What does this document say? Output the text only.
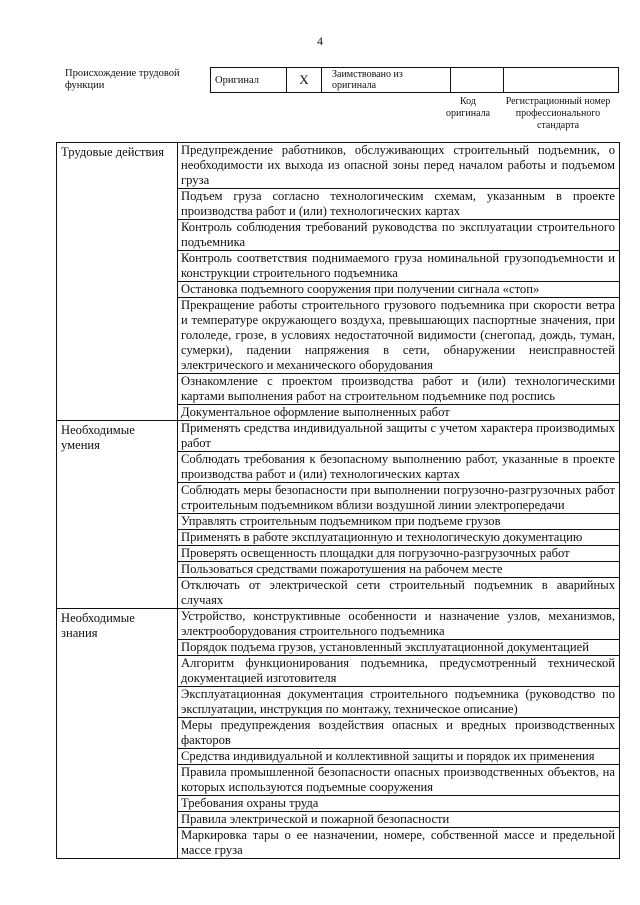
4
Происхождение трудовой функции	Оригинал	X	Заимствовано из оригинала		
Код оригинала
Регистрационный номер профессионального стандарта
Трудовые действия	Предупреждение работников, обслуживающих строительный подъемник, о необходимости их выхода из опасной зоны перед началом работы и подъемом груза
	Подъем груза согласно технологическим схемам, указанным в проекте производства работ и (или) технологических картах
	Контроль соблюдения требований руководства по эксплуатации строительного подъемника
	Контроль соответствия поднимаемого груза номинальной грузоподъемности и конструкции строительного подъемника
	Остановка подъемного сооружения при получении сигнала «стоп»
	Прекращение работы строительного грузового подъемника при скорости ветра и температуре окружающего воздуха, превышающих паспортные значения, при гололеде, грозе, в условиях недостаточной видимости (снегопад, дождь, туман, сумерки), падении напряжения в сети, обнаружении неисправностей электрического и механического оборудования
	Ознакомление с проектом производства работ и (или) технологическими картами выполнения работ на строительном подъемнике под роспись
	Документальное оформление выполненных работ
Необходимые умения	Применять средства индивидуальной защиты с учетом характера производимых работ
	Соблюдать требования к безопасному выполнению работ, указанные в проекте производства работ и (или) технологических картах
	Соблюдать меры безопасности при выполнении погрузочно-разгрузочных работ строительным подъемником вблизи воздушной линии электропередачи
	Управлять строительным подъемником при подъеме грузов
	Применять в работе эксплуатационную и технологическую документацию
	Проверять освещенность площадки для погрузочно-разгрузочных работ
	Пользоваться средствами пожаротушения на рабочем месте
	Отключать от электрической сети строительный подъемник в аварийных случаях
Необходимые знания	Устройство, конструктивные особенности и назначение узлов, механизмов, электрооборудования строительного подъемника
	Порядок подъема грузов, установленный эксплуатационной документацией
	Алгоритм функционирования подъемника, предусмотренный технической документацией изготовителя
	Эксплуатационная документация строительного подъемника (руководство по эксплуатации, инструкция по монтажу, техническое описание)
	Меры предупреждения воздействия опасных и вредных производственных факторов
	Средства индивидуальной и коллективной защиты и порядок их применения
	Правила промышленной безопасности опасных производственных объектов, на которых используются подъемные сооружения
	Требования охраны труда
	Правила электрической и пожарной безопасности
	Маркировка тары о ее назначении, номере, собственной массе и предельной массе груза
